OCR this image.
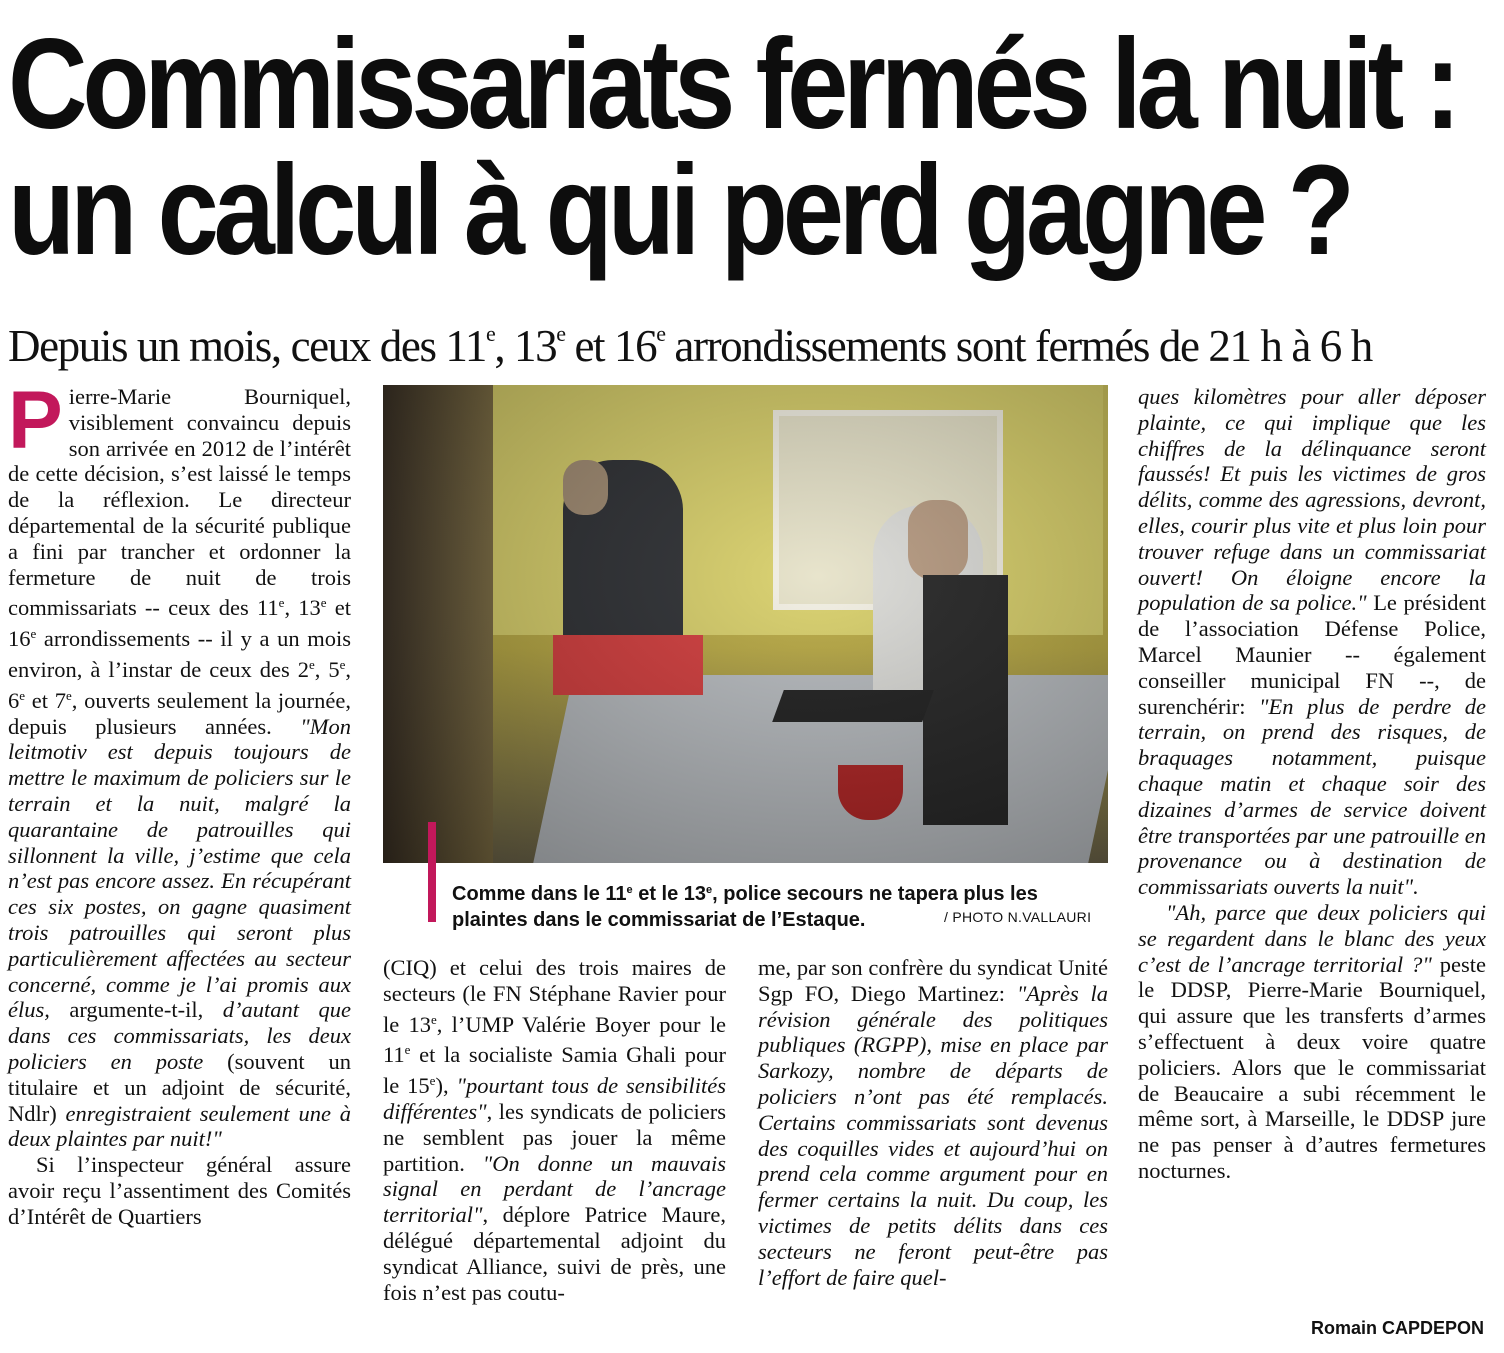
Commissariats fermés la nuit :
un calcul à qui perd gagne ?
Depuis un mois, ceux des 11e, 13e et 16e arrondissements sont fermés de 21 h à 6 h

Pierre-Marie Bourniquel, visiblement convaincu depuis son arrivée en 2012 de l’intérêt de cette décision, s’est laissé le temps de la réflexion. Le directeur départemental de la sécurité publique a fini par trancher et ordonner la fermeture de nuit de trois commissariats -- ceux des 11e, 13e et 16e arrondissements -- il y a un mois environ, à l’instar de ceux des 2e, 5e, 6e et 7e, ouverts seulement la journée, depuis plusieurs années. "Mon leitmotiv est depuis toujours de mettre le maximum de policiers sur le terrain et la nuit, malgré la quarantaine de patrouilles qui sillonnent la ville, j’estime que cela n’est pas encore assez. En récupérant ces six postes, on gagne quasiment trois patrouilles qui seront plus particulièrement affectées au secteur concerné, comme je l’ai promis aux élus, argumente-t-il, d’autant que dans ces commissariats, les deux policiers en poste (souvent un titulaire et un adjoint de sécurité, Ndlr) enregistraient seulement une à deux plaintes par nuit!"

Si l’inspecteur général assure avoir reçu l’assentiment des Comités d’Intérêt de Quartiers

Comme dans le 11e et le 13e, police secours ne tapera plus les plaintes dans le commissariat de l’Estaque.	/ PHOTO N.VALLAURI

(CIQ) et celui des trois maires de secteurs (le FN Stéphane Ravier pour le 13e, l’UMP Valérie Boyer pour le 11e et la socialiste Samia Ghali pour le 15e), "pourtant tous de sensibilités différentes", les syndicats de policiers ne semblent pas jouer la même partition. "On donne un mauvais signal en perdant de l’ancrage territorial", déplore Patrice Maure, délégué départemental adjoint du syndicat Alliance, suivi de près, une fois n’est pas coutu-

me, par son confrère du syndicat Unité Sgp FO, Diego Martinez: "Après la révision générale des politiques publiques (RGPP), mise en place par Sarkozy, nombre de départs de policiers n’ont pas été remplacés. Certains commissariats sont devenus des coquilles vides et aujourd’hui on prend cela comme argument pour en fermer certains la nuit. Du coup, les victimes de petits délits dans ces secteurs ne feront peut-être pas l’effort de faire quel-

ques kilomètres pour aller déposer plainte, ce qui implique que les chiffres de la délinquance seront faussés! Et puis les victimes de gros délits, comme des agressions, devront, elles, courir plus vite et plus loin pour trouver refuge dans un commissariat ouvert! On éloigne encore la population de sa police." Le président de l’association Défense Police, Marcel Maunier -- également conseiller municipal FN --, de surenchérir: "En plus de perdre de terrain, on prend des risques, de braquages notamment, puisque chaque matin et chaque soir des dizaines d’armes de service doivent être transportées par une patrouille en provenance ou à destination de commissariats ouverts la nuit".

"Ah, parce que deux policiers qui se regardent dans le blanc des yeux c’est de l’ancrage territorial ?" peste le DDSP, Pierre-Marie Bourniquel, qui assure que les transferts d’armes s’effectuent à deux voire quatre policiers. Alors que le commissariat de Beaucaire a subi récemment le même sort, à Marseille, le DDSP jure ne pas penser à d’autres fermetures nocturnes.

Romain CAPDEPON
